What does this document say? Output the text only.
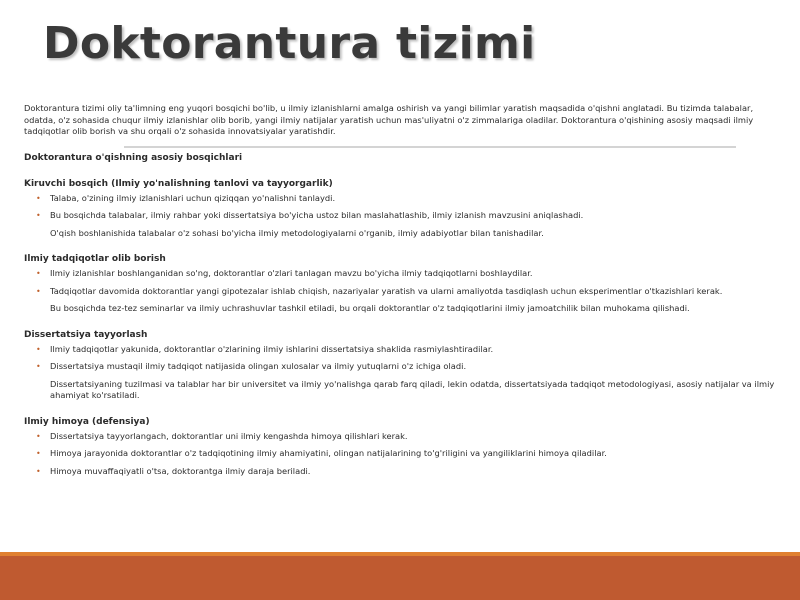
Doktorantura tizimi

Doktorantura tizimi oliy ta'limning eng yuqori bosqichi bo'lib, u ilmiy izlanishlarni amalga oshirish va yangi bilimlar yaratish maqsadida o'qishni anglatadi. Bu tizimda talabalar, odatda, o'z sohasida chuqur ilmiy izlanishlar olib borib, yangi ilmiy natijalar yaratish uchun mas'uliyatni o'z zimmalariga oladilar. Doktorantura o'qishining asosiy maqsadi ilmiy tadqiqotlar olib borish va shu orqali o'z sohasida innovatsiyalar yaratishdir.

Doktorantura o'qishning asosiy bosqichlari

Kiruvchi bosqich (Ilmiy yo'nalishning tanlovi va tayyorgarlik)

• Talaba, o'zining ilmiy izlanishlari uchun qiziqqan yo'nalishni tanlaydi.
• Bu bosqichda talabalar, ilmiy rahbar yoki dissertatsiya bo'yicha ustoz bilan maslahatlashib, ilmiy izlanish mavzusini aniqlashadi.
O'qish boshlanishida talabalar o'z sohasi bo'yicha ilmiy metodologiyalarni o'rganib, ilmiy adabiyotlar bilan tanishadilar.

Ilmiy tadqiqotlar olib borish

• Ilmiy izlanishlar boshlanganidan so'ng, doktorantlar o'zlari tanlagan mavzu bo'yicha ilmiy tadqiqotlarni boshlaydilar.
• Tadqiqotlar davomida doktorantlar yangi gipotezalar ishlab chiqish, nazariyalar yaratish va ularni amaliyotda tasdiqlash uchun eksperimentlar o'tkazishlari kerak.
Bu bosqichda tez-tez seminarlar va ilmiy uchrashuvlar tashkil etiladi, bu orqali doktorantlar o'z tadqiqotlarini ilmiy jamoatchilik bilan muhokama qilishadi.

Dissertatsiya tayyorlash

• Ilmiy tadqiqotlar yakunida, doktorantlar o'zlarining ilmiy ishlarini dissertatsiya shaklida rasmiylashtiradilar.
• Dissertatsiya mustaqil ilmiy tadqiqot natijasida olingan xulosalar va ilmiy yutuqlarni o'z ichiga oladi.
Dissertatsiyaning tuzilmasi va talablar har bir universitet va ilmiy yo'nalishga qarab farq qiladi, lekin odatda, dissertatsiyada tadqiqot metodologiyasi, asosiy natijalar va ilmiy ahamiyat ko'rsatiladi.

Ilmiy himoya (defensiya)

• Dissertatsiya tayyorlangach, doktorantlar uni ilmiy kengashda himoya qilishlari kerak.
• Himoya jarayonida doktorantlar o'z tadqiqotining ilmiy ahamiyatini, olingan natijalarining to'g'riligini va yangiliklarini himoya qiladilar.
• Himoya muvaffaqiyatli o'tsa, doktorantga ilmiy daraja beriladi.
